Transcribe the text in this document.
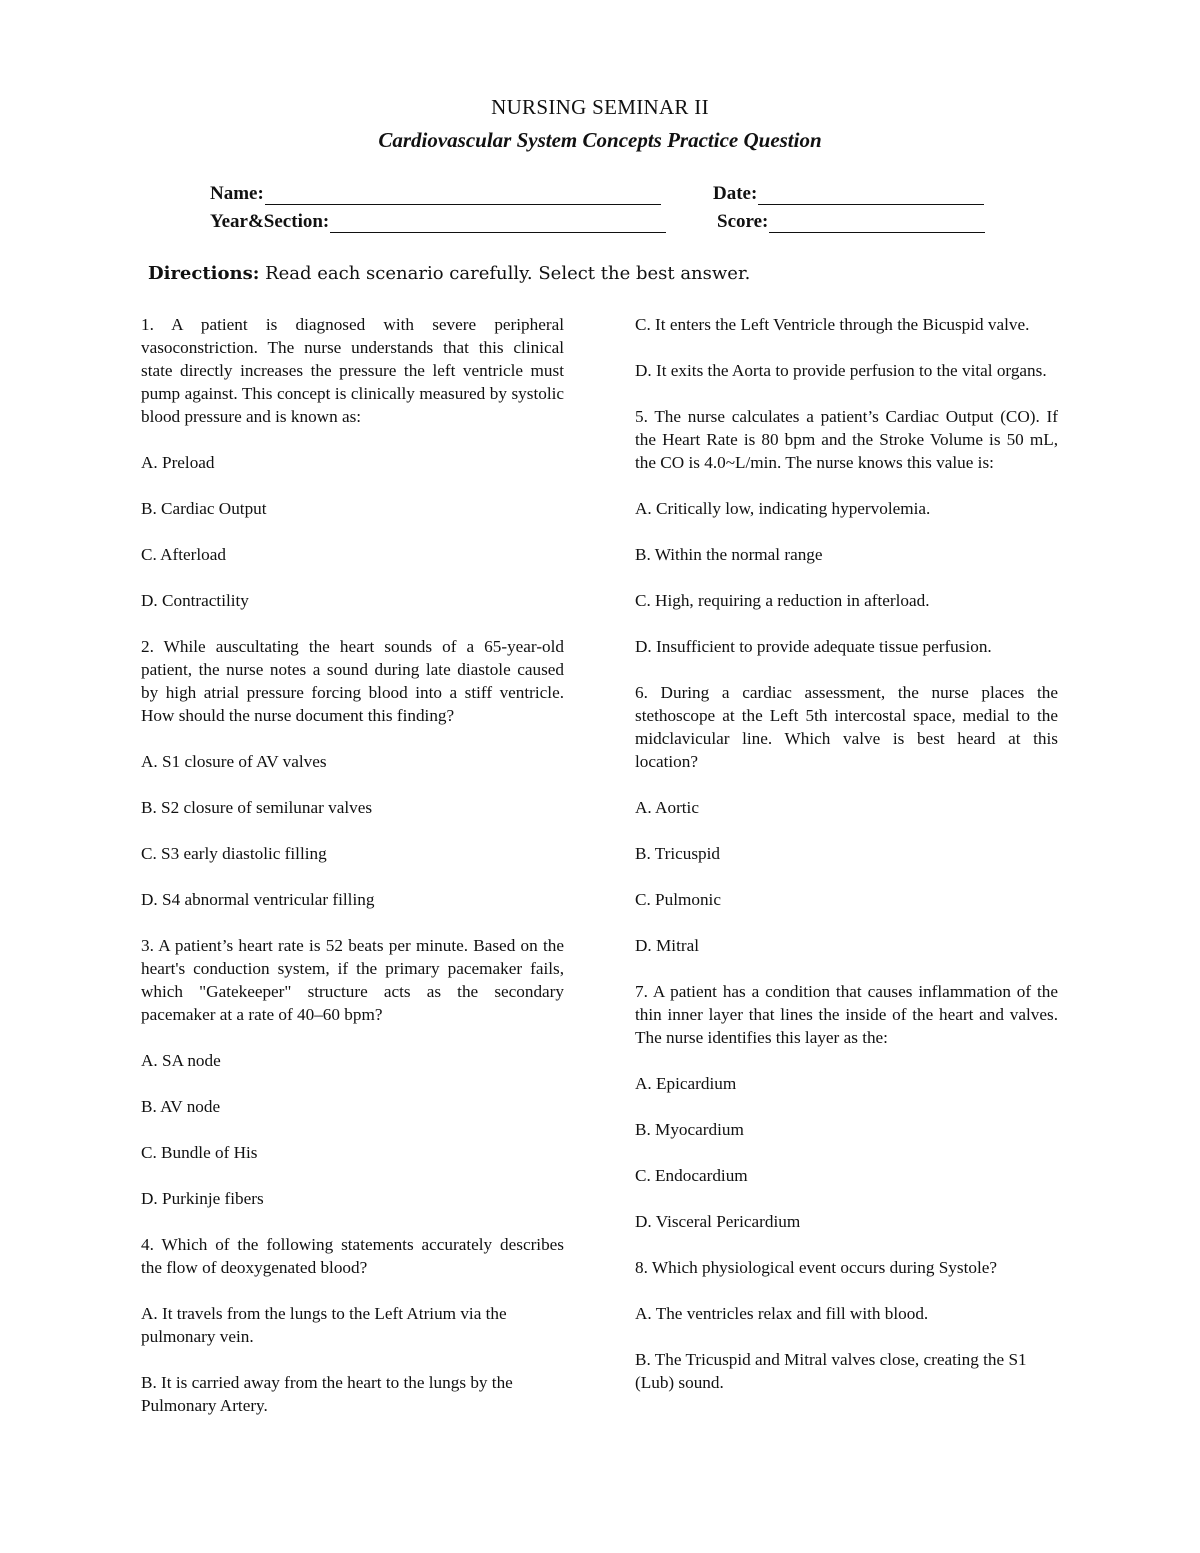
NURSING SEMINAR II
Cardiovascular System Concepts Practice Question
Name:	Date:
Year&Section:	Score:
Directions: Read each scenario carefully. Select the best answer.

1. A patient is diagnosed with severe peripheral vasoconstriction. The nurse understands that this clinical state directly increases the pressure the left ventricle must pump against. This concept is clinically measured by systolic blood pressure and is known as:

A. Preload

B. Cardiac Output

C. Afterload

D. Contractility

2. While auscultating the heart sounds of a 65-year-old patient, the nurse notes a sound during late diastole caused by high atrial pressure forcing blood into a stiff ventricle. How should the nurse document this finding?

A. S1 closure of AV valves

B. S2 closure of semilunar valves

C. S3 early diastolic filling

D. S4 abnormal ventricular filling

3. A patient’s heart rate is 52 beats per minute. Based on the heart's conduction system, if the primary pacemaker fails, which "Gatekeeper" structure acts as the secondary pacemaker at a rate of 40–60 bpm?

A. SA node

B. AV node

C. Bundle of His

D. Purkinje fibers

4. Which of the following statements accurately describes the flow of deoxygenated blood?

A. It travels from the lungs to the Left Atrium via the pulmonary vein.

B. It is carried away from the heart to the lungs by the Pulmonary Artery.

C. It enters the Left Ventricle through the Bicuspid valve.

D. It exits the Aorta to provide perfusion to the vital organs.

5. The nurse calculates a patient’s Cardiac Output (CO). If the Heart Rate is 80 bpm and the Stroke Volume is 50 mL, the CO is 4.0~L/min. The nurse knows this value is:

A. Critically low, indicating hypervolemia.

B. Within the normal range

C. High, requiring a reduction in afterload.

D. Insufficient to provide adequate tissue perfusion.

6. During a cardiac assessment, the nurse places the stethoscope at the Left 5th intercostal space, medial to the midclavicular line. Which valve is best heard at this location?

A. Aortic

B. Tricuspid

C. Pulmonic

D. Mitral

7. A patient has a condition that causes inflammation of the thin inner layer that lines the inside of the heart and valves. The nurse identifies this layer as the:

A. Epicardium

B. Myocardium

C. Endocardium

D. Visceral Pericardium

8. Which physiological event occurs during Systole?

A. The ventricles relax and fill with blood.

B. The Tricuspid and Mitral valves close, creating the S1 (Lub) sound.
